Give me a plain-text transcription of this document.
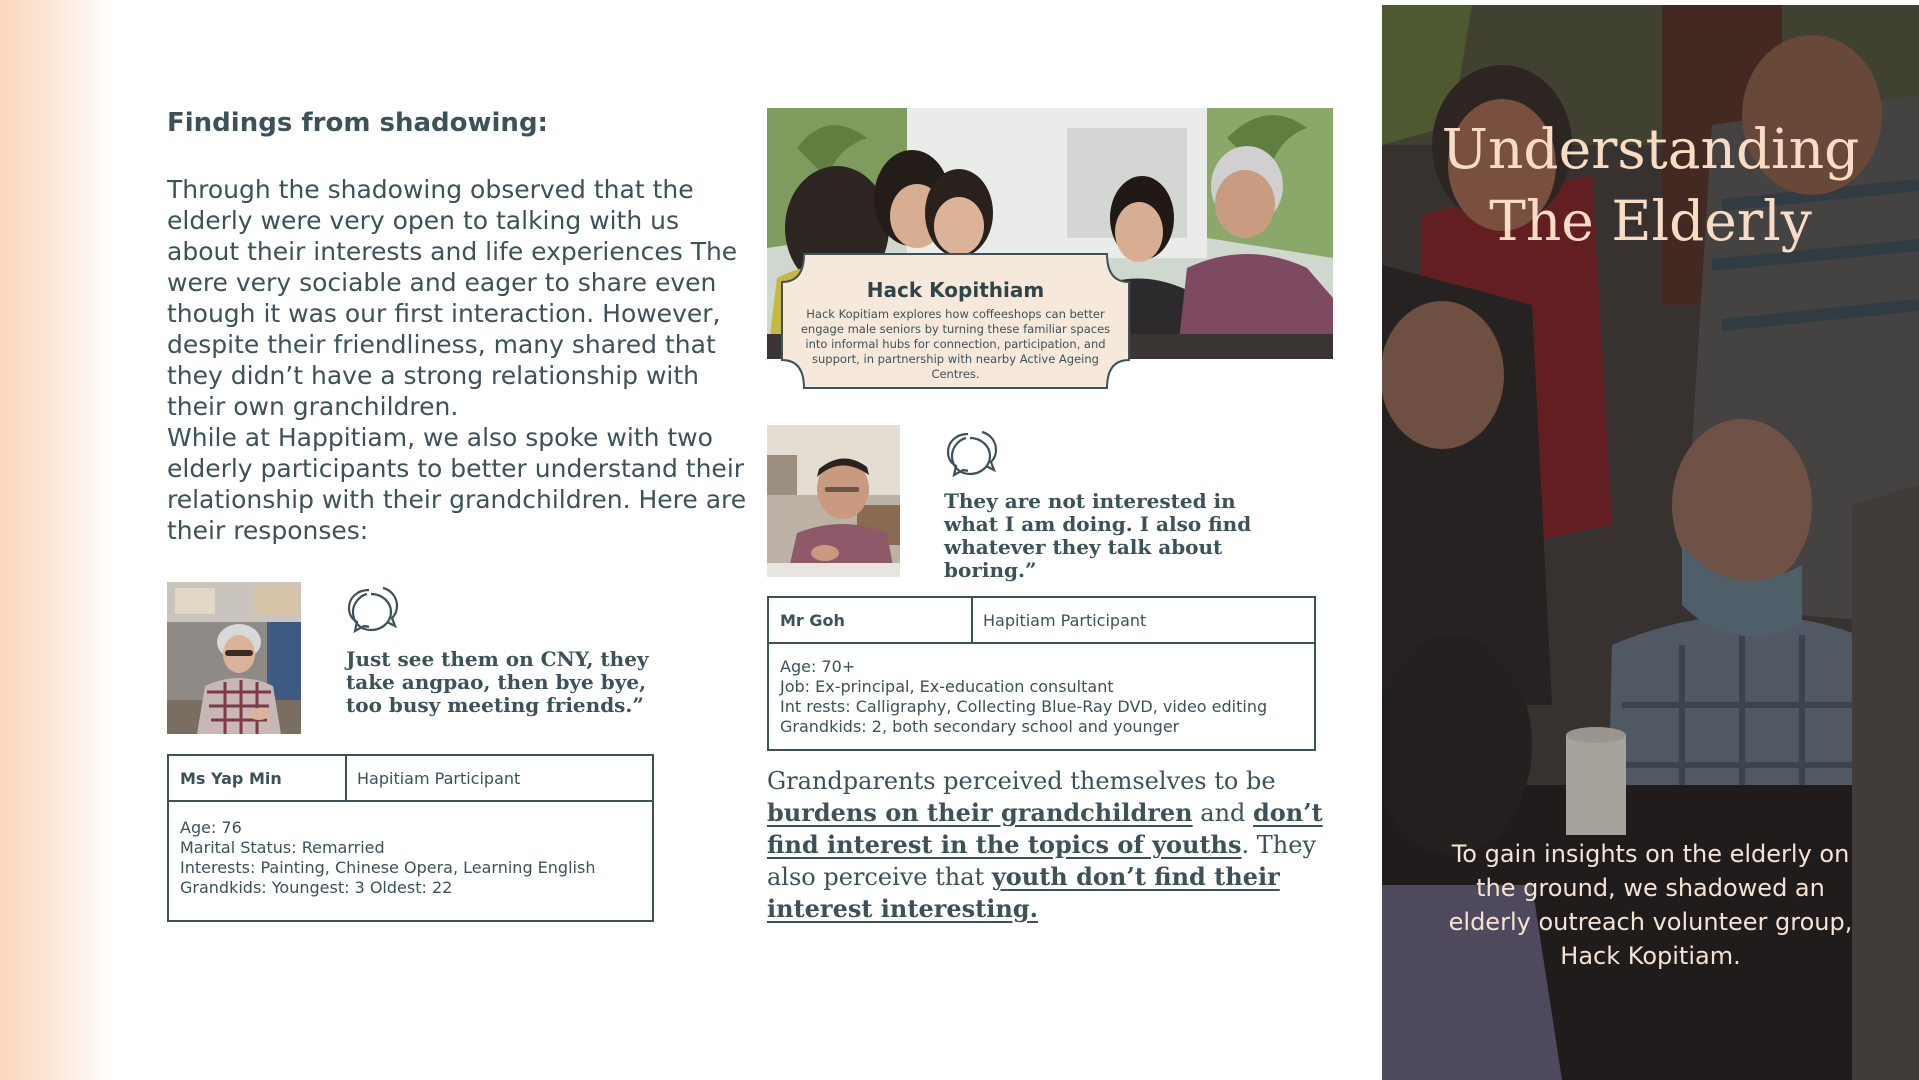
Findings from shadowing:

Through the shadowing observed that the elderly were very open to talking with us about their interests and life experiences The were very sociable and eager to share even though it was our first interaction. However, despite their friendliness, many shared that they didn’t have a strong relationship with their own granchildren.

While at Happitiam, we also spoke with two elderly participants to better understand their relationship with their grandchildren. Here are their responses:

Just see them on CNY, they take angpao, then bye bye, too busy meeting friends.”

Ms Yap Min	Hapitiam Participant
Age: 76
Marital Status: Remarried
Interests: Painting, Chinese Opera, Learning English
Grandkids: Youngest: 3 Oldest: 22
Hack Kopithiam
Hack Kopitiam explores how coffeeshops can better engage male seniors by turning these familiar spaces into informal hubs for connection, participation, and support, in partnership with nearby Active Ageing Centres.

They are not interested in what I am doing. I also find whatever they talk about boring.”

Mr Goh	Hapitiam Participant
Age: 70+
Job: Ex-principal, Ex-education consultant
Int rests: Calligraphy, Collecting Blue-Ray DVD, video editing
Grandkids: 2, both secondary school and younger

Grandparents perceived themselves to be burdens on their grandchildren and don’t find interest in the topics of youths. They also perceive that youth don’t find their interest interesting.

Understanding
The Elderly

To gain insights on the elderly on the ground, we shadowed an elderly outreach volunteer group, Hack Kopitiam.
